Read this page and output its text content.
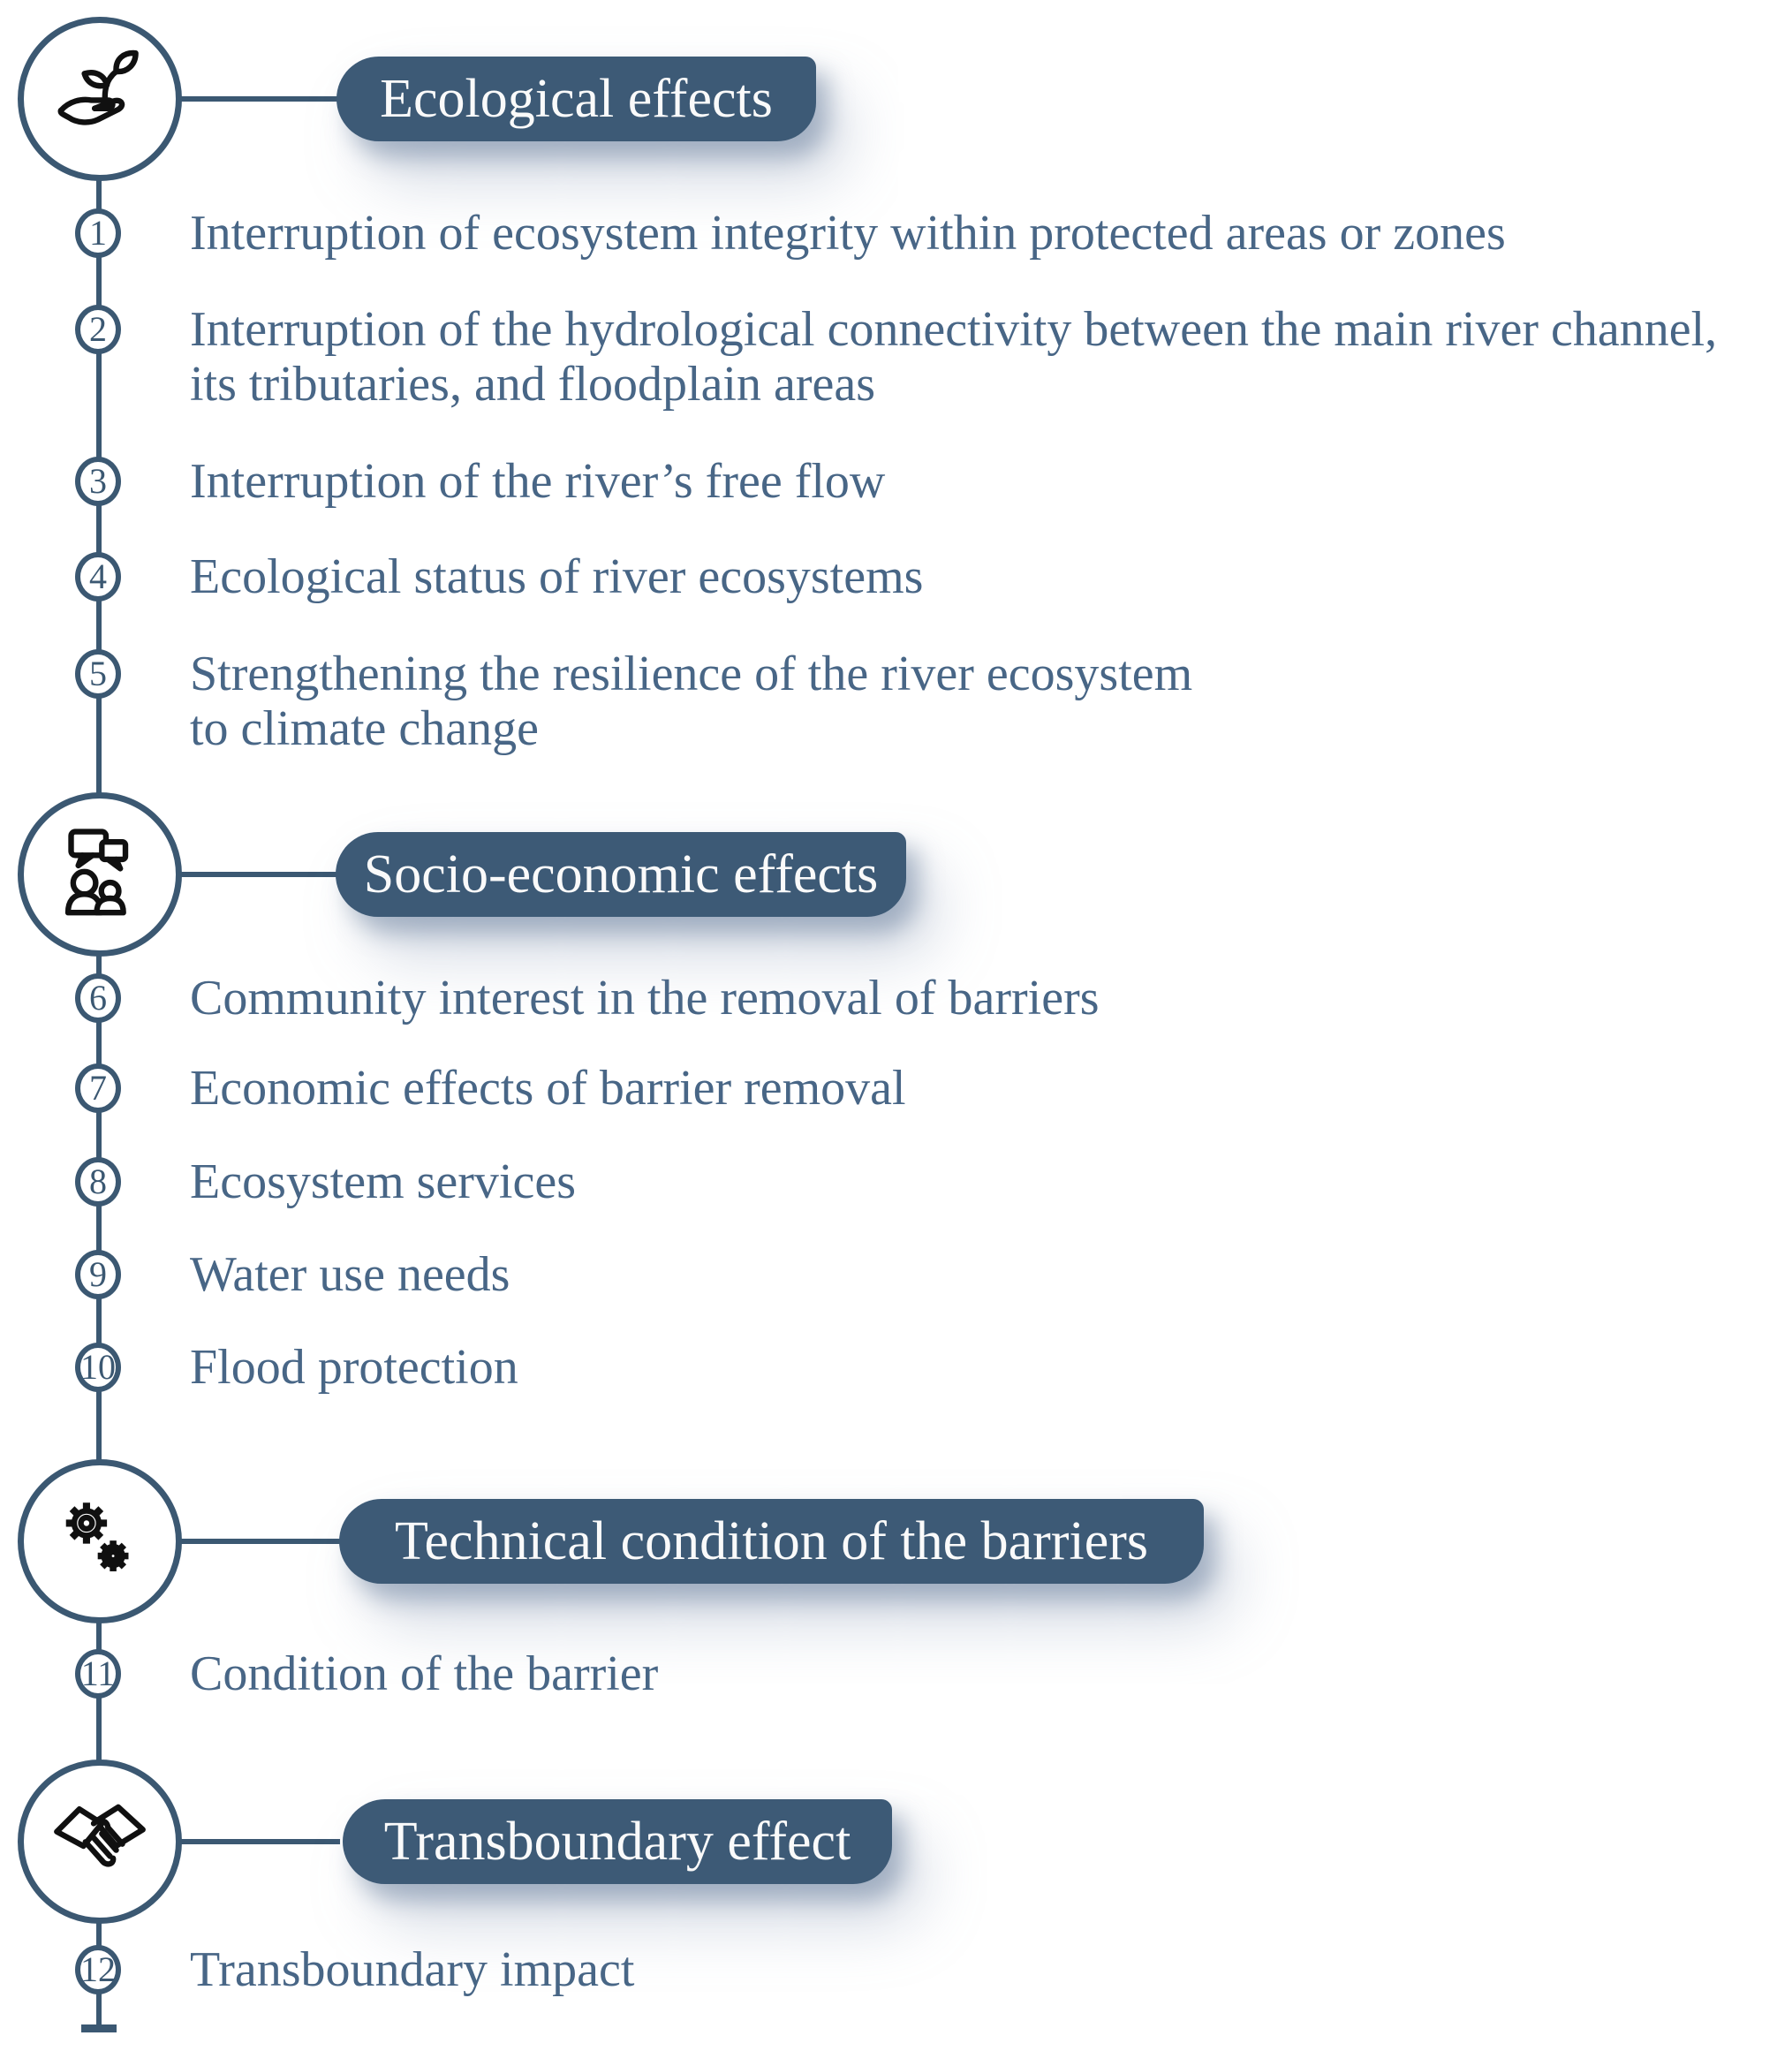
Ecological effects
1 Interruption of ecosystem integrity within protected areas or zones
2 Interruption of the hydrological connectivity between the main river channel,
its tributaries, and floodplain areas
3 Interruption of the river’s free flow
4 Ecological status of river ecosystems
5 Strengthening the resilience of the river ecosystem
to climate change
Socio-economic effects
6 Community interest in the removal of barriers
7 Economic effects of barrier removal
8 Ecosystem services
9 Water use needs
10 Flood protection
Technical condition of the barriers
11 Condition of the barrier
Transboundary effect
12 Transboundary impact
